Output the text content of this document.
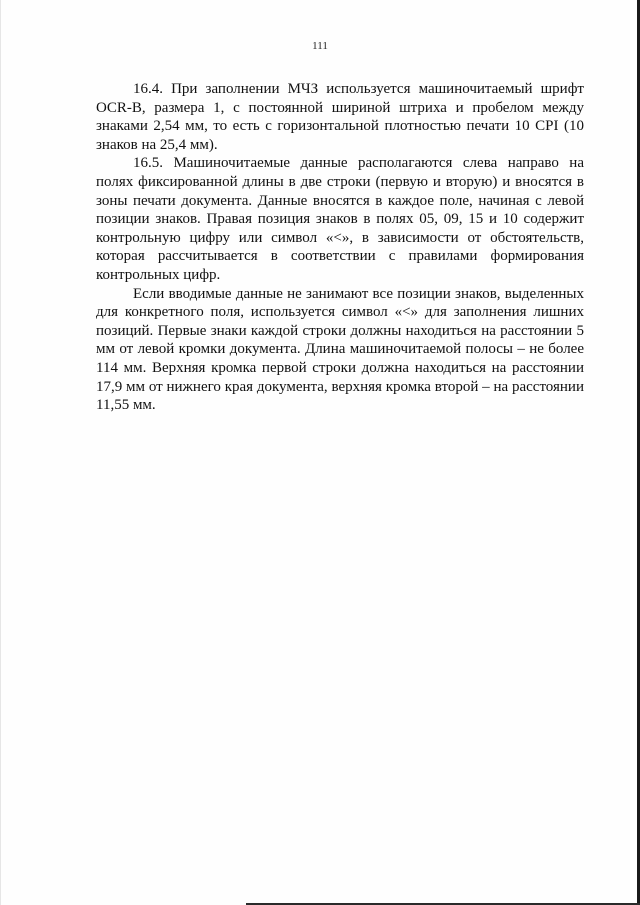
111

16.4. При заполнении МЧЗ используется машиночитаемый шрифт OCR-B, размера 1, с постоянной шириной штриха и пробелом между знаками 2,54 мм, то есть с горизонтальной плотностью печати 10 CPI (10 знаков на 25,4 мм).

16.5. Машиночитаемые данные располагаются слева направо на полях фиксированной длины в две строки (первую и вторую) и вносятся в зоны печати документа. Данные вносятся в каждое поле, начиная с левой позиции знаков. Правая позиция знаков в полях 05, 09, 15 и 10 содержит контрольную цифру или символ «<», в зависимости от обстоятельств, которая рассчитывается в соответствии с правилами формирования контрольных цифр.

Если вводимые данные не занимают все позиции знаков, выделенных для конкретного поля, используется символ «<» для заполнения лишних позиций. Первые знаки каждой строки должны находиться на расстоянии 5 мм от левой кромки документа. Длина машиночитаемой полосы – не более 114 мм. Верхняя кромка первой строки должна находиться на расстоянии 17,9 мм от нижнего края документа, верхняя кромка второй – на расстоянии 11,55 мм.
